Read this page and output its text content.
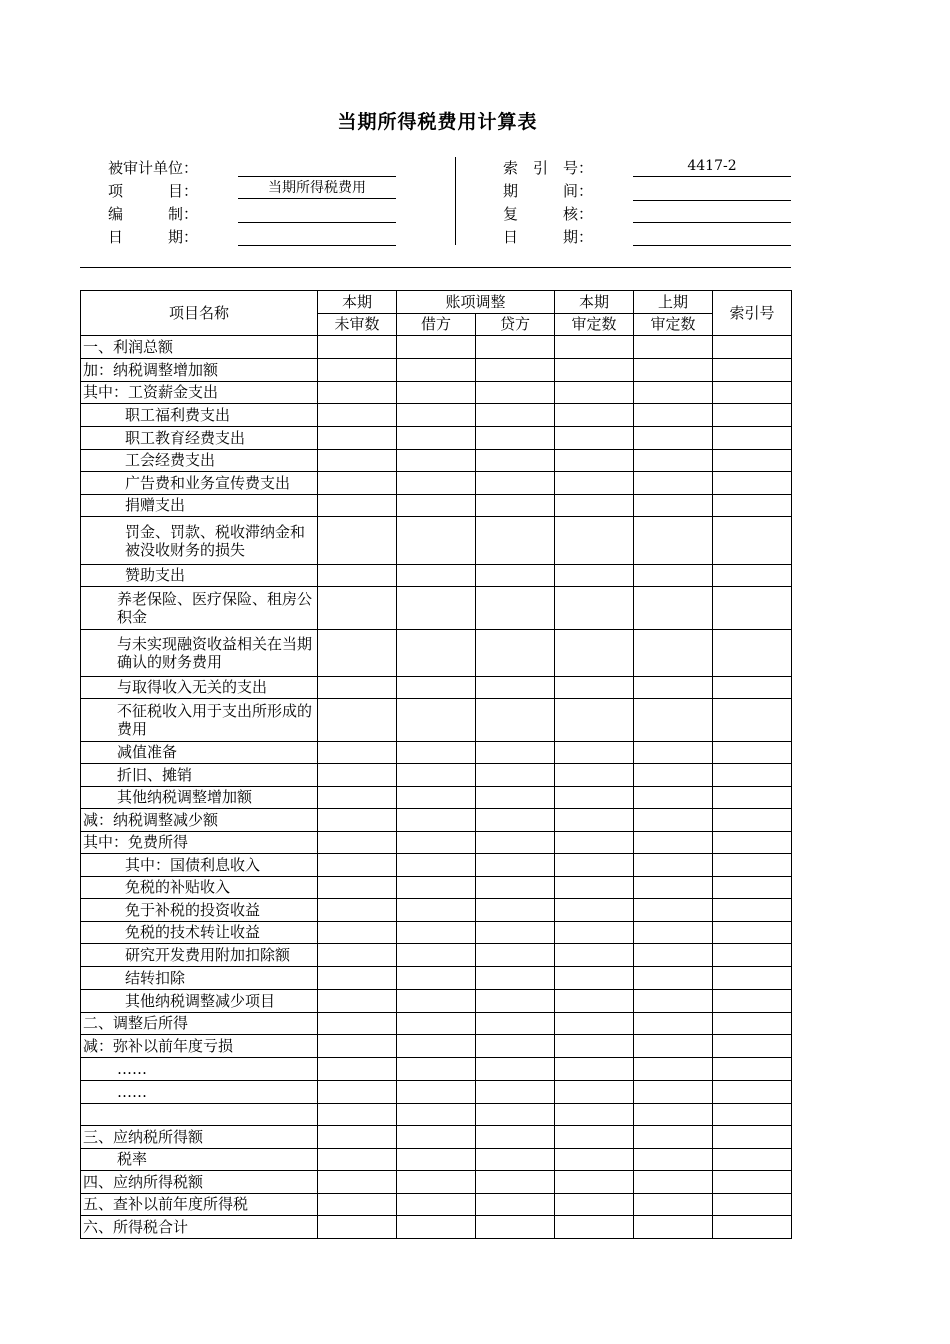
当期所得税费用计算表
被审计单位：
项　　　目：	当期所得税费用
编　　　制：
日　　　期：
索　引　号：	4417-2
期　　　间：
复　　　核：
日　　　期：
项目名称	本期	账项调整		本期	上期	索引号
	未审数	借方	贷方	审定数	审定数	
一、利润总额						
加：纳税调整增加额						
其中：工资薪金支出						
职工福利费支出						
职工教育经费支出						
工会经费支出						
广告费和业务宣传费支出						
捐赠支出						
罚金、罚款、税收滞纳金和被没收财务的损失						
赞助支出						
养老保险、医疗保险、租房公积金						
与未实现融资收益相关在当期确认的财务费用						
与取得收入无关的支出						
不征税收入用于支出所形成的费用						
减值准备						
折旧、摊销						
其他纳税调整增加额						
减：纳税调整减少额						
其中：免费所得						
其中：国债利息收入						
免税的补贴收入						
免于补税的投资收益						
免税的技术转让收益						
研究开发费用附加扣除额						
结转扣除						
其他纳税调整减少项目						
二、调整后所得						
减：弥补以前年度亏损						
……						
……						

三、应纳税所得额						
税率						
四、应纳所得税额						
五、查补以前年度所得税						
六、所得税合计						
